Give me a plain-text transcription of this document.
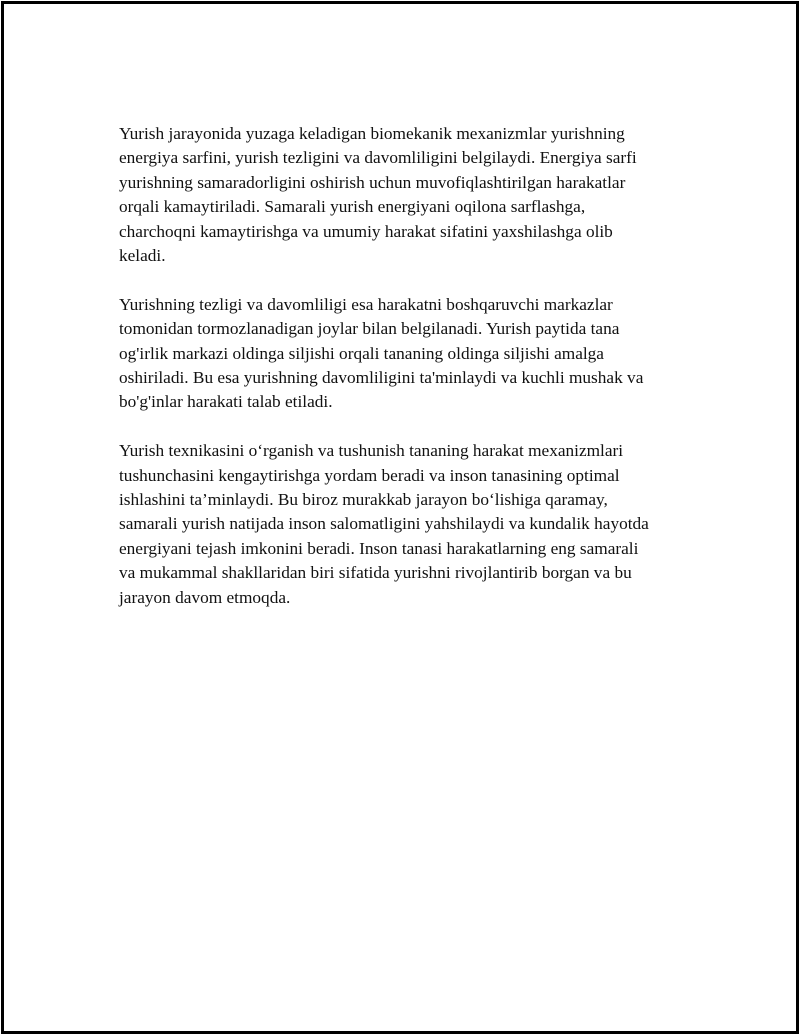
Yurish jarayonida yuzaga keladigan biomekanik mexanizmlar yurishning
energiya sarfini, yurish tezligini va davomliligini belgilaydi. Energiya sarfi
yurishning samaradorligini oshirish uchun muvofiqlashtirilgan harakatlar
orqali kamaytiriladi. Samarali yurish energiyani oqilona sarflashga,
charchoqni kamaytirishga va umumiy harakat sifatini yaxshilashga olib
keladi.

Yurishning tezligi va davomliligi esa harakatni boshqaruvchi markazlar
tomonidan tormozlanadigan joylar bilan belgilanadi. Yurish paytida tana
og'irlik markazi oldinga siljishi orqali tananing oldinga siljishi amalga
oshiriladi. Bu esa yurishning davomliligini ta'minlaydi va kuchli mushak va
bo'g'inlar harakati talab etiladi.

Yurish texnikasini o‘rganish va tushunish tananing harakat mexanizmlari
tushunchasini kengaytirishga yordam beradi va inson tanasining optimal
ishlashini ta’minlaydi. Bu biroz murakkab jarayon bo‘lishiga qaramay,
samarali yurish natijada inson salomatligini yahshilaydi va kundalik hayotda
energiyani tejash imkonini beradi. Inson tanasi harakatlarning eng samarali
va mukammal shakllaridan biri sifatida yurishni rivojlantirib borgan va bu
jarayon davom etmoqda.
